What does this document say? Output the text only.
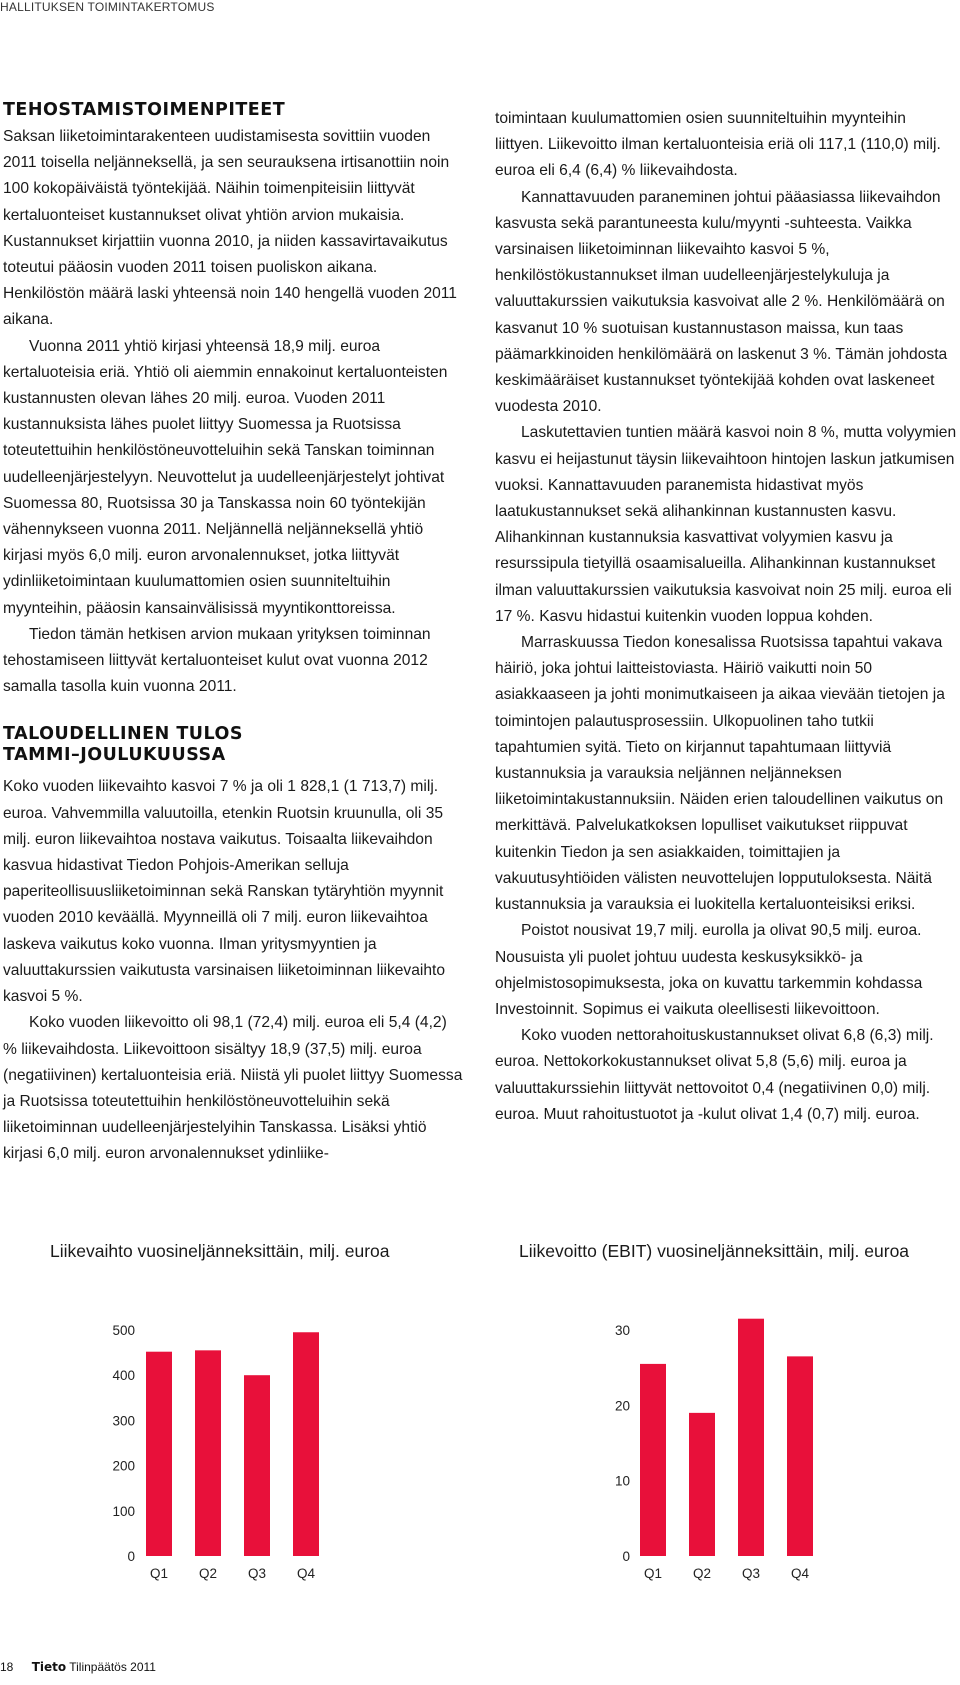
HALLITUKSEN TOIMINTAKERTOMUS
TEHOSTAMISTOIMENPITEET

Saksan liiketoimintarakenteen uudistamisesta sovittiin vuoden 2011 toisella neljänneksellä, ja sen seurauksena irtisanottiin noin 100 kokopäiväistä työntekijää. Näihin toimenpiteisiin liittyvät kertaluonteiset kustannukset olivat yhtiön arvion mukaisia. Kustannukset kirjattiin vuonna 2010, ja niiden kassavirtavaikutus toteutui pääosin vuoden 2011 toisen puoliskon aikana. Henkilöstön määrä laski yhteensä noin 140 hengellä vuoden 2011 aikana.

Vuonna 2011 yhtiö kirjasi yhteensä 18,9 milj. euroa kertaluoteisia eriä. Yhtiö oli aiemmin ennakoinut kertaluonteisten kustannusten olevan lähes 20 milj. euroa. Vuoden 2011 kustannuksista lähes puolet liittyy Suomessa ja Ruotsissa toteutettuihin henkilöstöneuvotteluihin sekä Tanskan toiminnan uudelleenjärjestelyyn. Neuvottelut ja uudelleenjärjestelyt johtivat Suomessa 80, Ruotsissa 30 ja Tanskassa noin 60 työntekijän vähennykseen vuonna 2011. Neljännellä neljänneksellä yhtiö kirjasi myös 6,0 milj. euron arvonalennukset, jotka liittyvät ydinliiketoimintaan kuulumattomien osien suunniteltuihin myynteihin, pääosin kansainvälisissä myyntikonttoreissa.

Tiedon tämän hetkisen arvion mukaan yrityksen toiminnan tehostamiseen liittyvät kertaluonteiset kulut ovat vuonna 2012 samalla tasolla kuin vuonna 2011.

TALOUDELLINEN TULOS
TAMMI–JOULUKUUSSA

Koko vuoden liikevaihto kasvoi 7 % ja oli 1 828,1 (1 713,7) milj. euroa. Vahvemmilla valuutoilla, etenkin Ruotsin kruunulla, oli 35 milj. euron liikevaihtoa nostava vaikutus. Toisaalta liikevaihdon kasvua hidastivat Tiedon Pohjois-Amerikan selluja paperiteollisuusliiketoiminnan sekä Ranskan tytäryhtiön myynnit vuoden 2010 keväällä. Myynneillä oli 7 milj. euron liikevaihtoa laskeva vaikutus koko vuonna. Ilman yritysmyyntien ja valuuttakurssien vaikutusta varsinaisen liiketoiminnan liikevaihto kasvoi 5 %.

Koko vuoden liikevoitto oli 98,1 (72,4) milj. euroa eli 5,4 (4,2) % liikevaihdosta. Liikevoittoon sisältyy 18,9 (37,5) milj. euroa (negatiivinen) kertaluonteisia eriä. Niistä yli puolet liittyy Suomessa ja Ruotsissa toteutettuihin henkilöstöneuvotteluihin sekä liiketoiminnan uudelleenjärjestelyihin Tanskassa. Lisäksi yhtiö kirjasi 6,0 milj. euron arvonalennukset ydinliike-

toimintaan kuulumattomien osien suunniteltuihin myynteihin liittyen. Liikevoitto ilman kertaluonteisia eriä oli 117,1 (110,0) milj. euroa eli 6,4 (6,4) % liikevaihdosta.

Kannattavuuden paraneminen johtui pääasiassa liikevaihdon kasvusta sekä parantuneesta kulu/myynti -suhteesta. Vaikka varsinaisen liiketoiminnan liikevaihto kasvoi 5 %, henkilöstökustannukset ilman uudelleenjärjestelykuluja ja valuuttakurssien vaikutuksia kasvoivat alle 2 %. Henkilömäärä on kasvanut 10 % suotuisan kustannustason maissa, kun taas päämarkkinoiden henkilömäärä on laskenut 3 %. Tämän johdosta keskimääräiset kustannukset työntekijää kohden ovat laskeneet vuodesta 2010.

Laskutettavien tuntien määrä kasvoi noin 8 %, mutta volyymien kasvu ei heijastunut täysin liikevaihtoon hintojen laskun jatkumisen vuoksi. Kannattavuuden paranemista hidastivat myös laatukustannukset sekä alihankinnan kustannusten kasvu. Alihankinnan kustannuksia kasvattivat volyymien kasvu ja resurssipula tietyillä osaamisalueilla. Alihankinnan kustannukset ilman valuuttakurssien vaikutuksia kasvoivat noin 25 milj. euroa eli 17 %. Kasvu hidastui kuitenkin vuoden loppua kohden.

Marraskuussa Tiedon konesalissa Ruotsissa tapahtui vakava häiriö, joka johtui laitteistoviasta. Häiriö vaikutti noin 50 asiakkaaseen ja johti monimutkaiseen ja aikaa vievään tietojen ja toimintojen palautusprosessiin. Ulkopuolinen taho tutkii tapahtumien syitä. Tieto on kirjannut tapahtumaan liittyviä kustannuksia ja varauksia neljännen neljänneksen liiketoimintakustannuksiin. Näiden erien taloudellinen vaikutus on merkittävä. Palvelukatkoksen lopulliset vaikutukset riippuvat kuitenkin Tiedon ja sen asiakkaiden, toimittajien ja vakuutusyhtiöiden välisten neuvottelujen lopputuloksesta. Näitä kustannuksia ja varauksia ei luokitella kertaluonteisiksi eriksi.

Poistot nousivat 19,7 milj. eurolla ja olivat 90,5 milj. euroa. Nousuista yli puolet johtuu uudesta keskusyksikkö- ja ohjelmistosopimuksesta, joka on kuvattu tarkemmin kohdassa Investoinnit. Sopimus ei vaikuta oleellisesti liikevoittoon.

Koko vuoden nettorahoituskustannukset olivat 6,8 (6,3) milj. euroa. Nettokorkokustannukset olivat 5,8 (5,6) milj. euroa ja valuuttakurssiehin liittyvät nettovoitot 0,4 (negatiivinen 0,0) milj. euroa. Muut rahoitustuotot ja -kulut olivat 1,4 (0,7) milj. euroa.

Liikevaihto vuosineljänneksittäin, milj. euroa	Liikevoitto (EBIT) vuosineljänneksittäin, milj. euroa
0
100
200
300
400
500
Q1 Q2 Q3 Q4
0
10
20
30
Q1 Q2 Q3 Q4
18 Tieto Tilinpäätös 2011
